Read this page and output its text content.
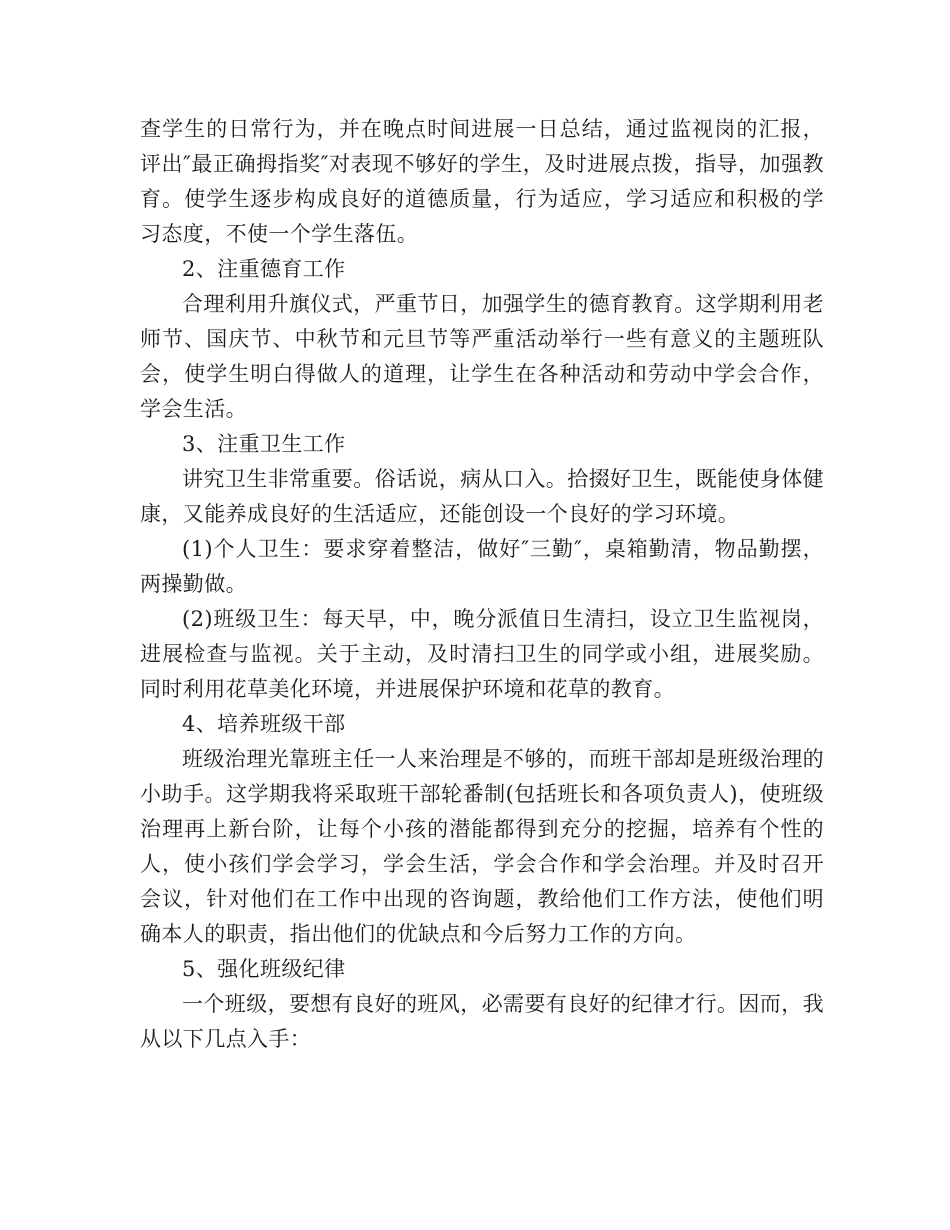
查学生的日常行为，并在晚点时间进展一日总结，通过监视岗的汇报，评出″最正确拇指奖″对表现不够好的学生，及时进展点拨，指导，加强教育。使学生逐步构成良好的道德质量，行为适应，学习适应和积极的学习态度，不使一个学生落伍。

2、注重德育工作

合理利用升旗仪式，严重节日，加强学生的德育教育。这学期利用老师节、国庆节、中秋节和元旦节等严重活动举行一些有意义的主题班队会，使学生明白得做人的道理，让学生在各种活动和劳动中学会合作，学会生活。

3、注重卫生工作

讲究卫生非常重要。俗话说，病从口入。拾掇好卫生，既能使身体健康，又能养成良好的生活适应，还能创设一个良好的学习环境。

(1)个人卫生：要求穿着整洁，做好″三勤″，桌箱勤清，物品勤摆，两操勤做。

(2)班级卫生：每天早，中，晚分派值日生清扫，设立卫生监视岗，进展检查与监视。关于主动，及时清扫卫生的同学或小组，进展奖励。同时利用花草美化环境，并进展保护环境和花草的教育。

4、培养班级干部

班级治理光靠班主任一人来治理是不够的，而班干部却是班级治理的小助手。这学期我将采取班干部轮番制(包括班长和各项负责人)，使班级治理再上新台阶，让每个小孩的潜能都得到充分的挖掘，培养有个性的人，使小孩们学会学习，学会生活，学会合作和学会治理。并及时召开会议，针对他们在工作中出现的咨询题，教给他们工作方法，使他们明确本人的职责，指出他们的优缺点和今后努力工作的方向。

5、强化班级纪律

一个班级，要想有良好的班风，必需要有良好的纪律才行。因而，我从以下几点入手：
